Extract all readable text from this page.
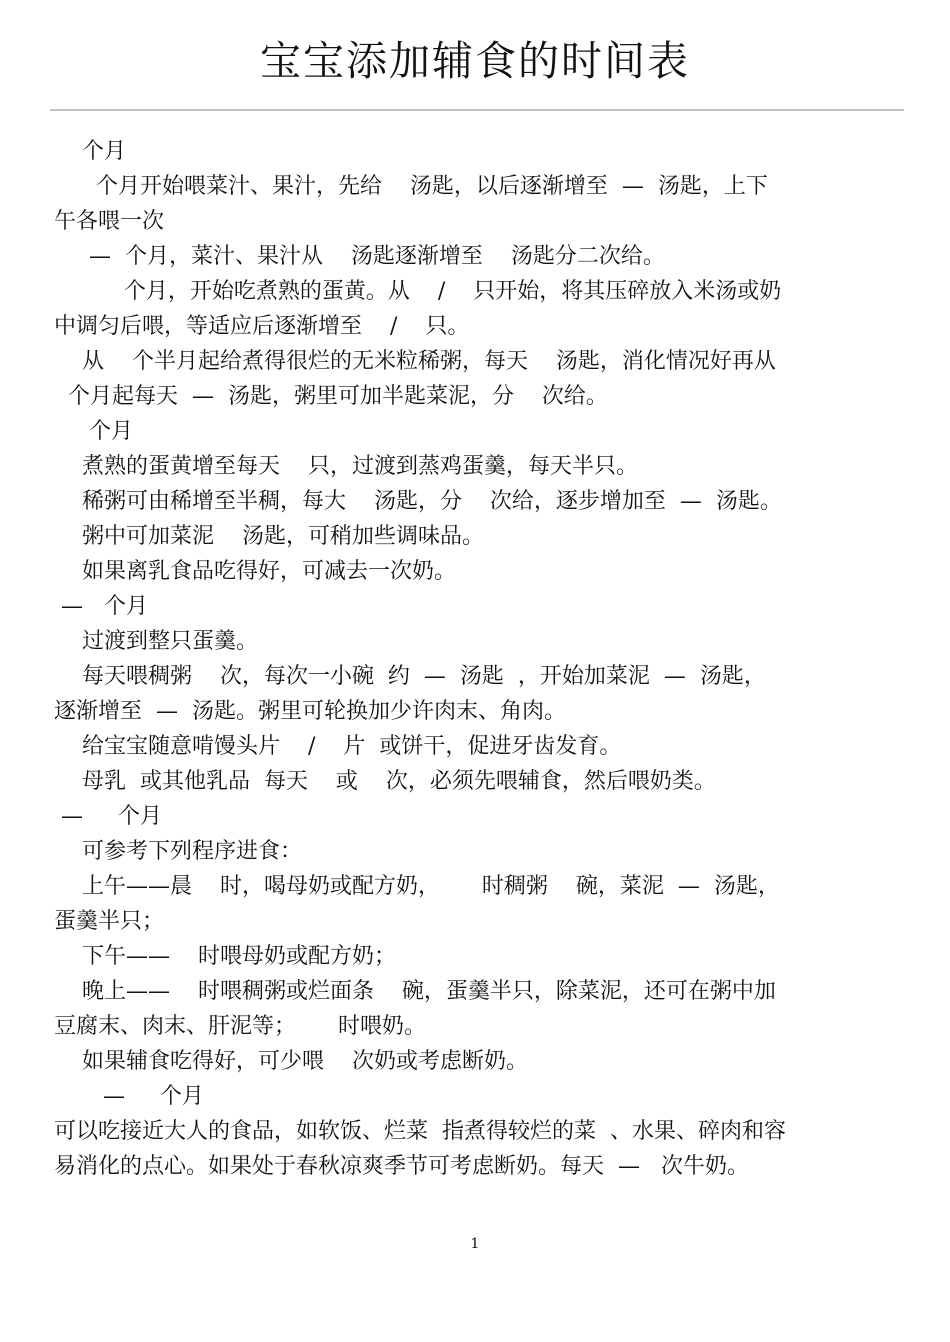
宝宝添加辅食的时间表
个月
个月开始喂菜汁、果汁，先给    汤匙，以后逐渐增至  —  汤匙，上下
午各喂一次
—  个月，菜汁、果汁从    汤匙逐渐增至    汤匙分二次给。
个月，开始吃煮熟的蛋黄。从    /    只开始，将其压碎放入米汤或奶
中调匀后喂，等适应后逐渐增至    /    只。
从    个半月起给煮得很烂的无米粒稀粥，每天    汤匙，消化情况好再从
个月起每天  —  汤匙，粥里可加半匙菜泥，分    次给。
个月
煮熟的蛋黄增至每天    只，过渡到蒸鸡蛋羹，每天半只。
稀粥可由稀增至半稠，每大    汤匙，分    次给，逐步增加至  —  汤匙。
粥中可加菜泥    汤匙，可稍加些调味品。
如果离乳食品吃得好，可减去一次奶。
—   个月
过渡到整只蛋羹。
每天喂稠粥    次，每次一小碗  约  —  汤匙  ，开始加菜泥  —  汤匙，
逐渐增至  —  汤匙。粥里可轮换加少许肉末、角肉。
给宝宝随意啃馒头片    /    片  或饼干，促进牙齿发育。
母乳  或其他乳品  每天    或    次，必须先喂辅食，然后喂奶类。
—     个月
可参考下列程序进食：
上午——晨    时，喝母奶或配方奶，      时稠粥    碗，菜泥  —  汤匙，
蛋羹半只；
下午——    时喂母奶或配方奶；
晚上——    时喂稠粥或烂面条    碗，蛋羹半只，除菜泥，还可在粥中加
豆腐末、肉末、肝泥等；      时喂奶。
如果辅食吃得好，可少喂    次奶或考虑断奶。
—     个月
可以吃接近大人的食品，如软饭、烂菜  指煮得较烂的菜  、水果、碎肉和容
易消化的点心。如果处于春秋凉爽季节可考虑断奶。每天  —   次牛奶。
1
